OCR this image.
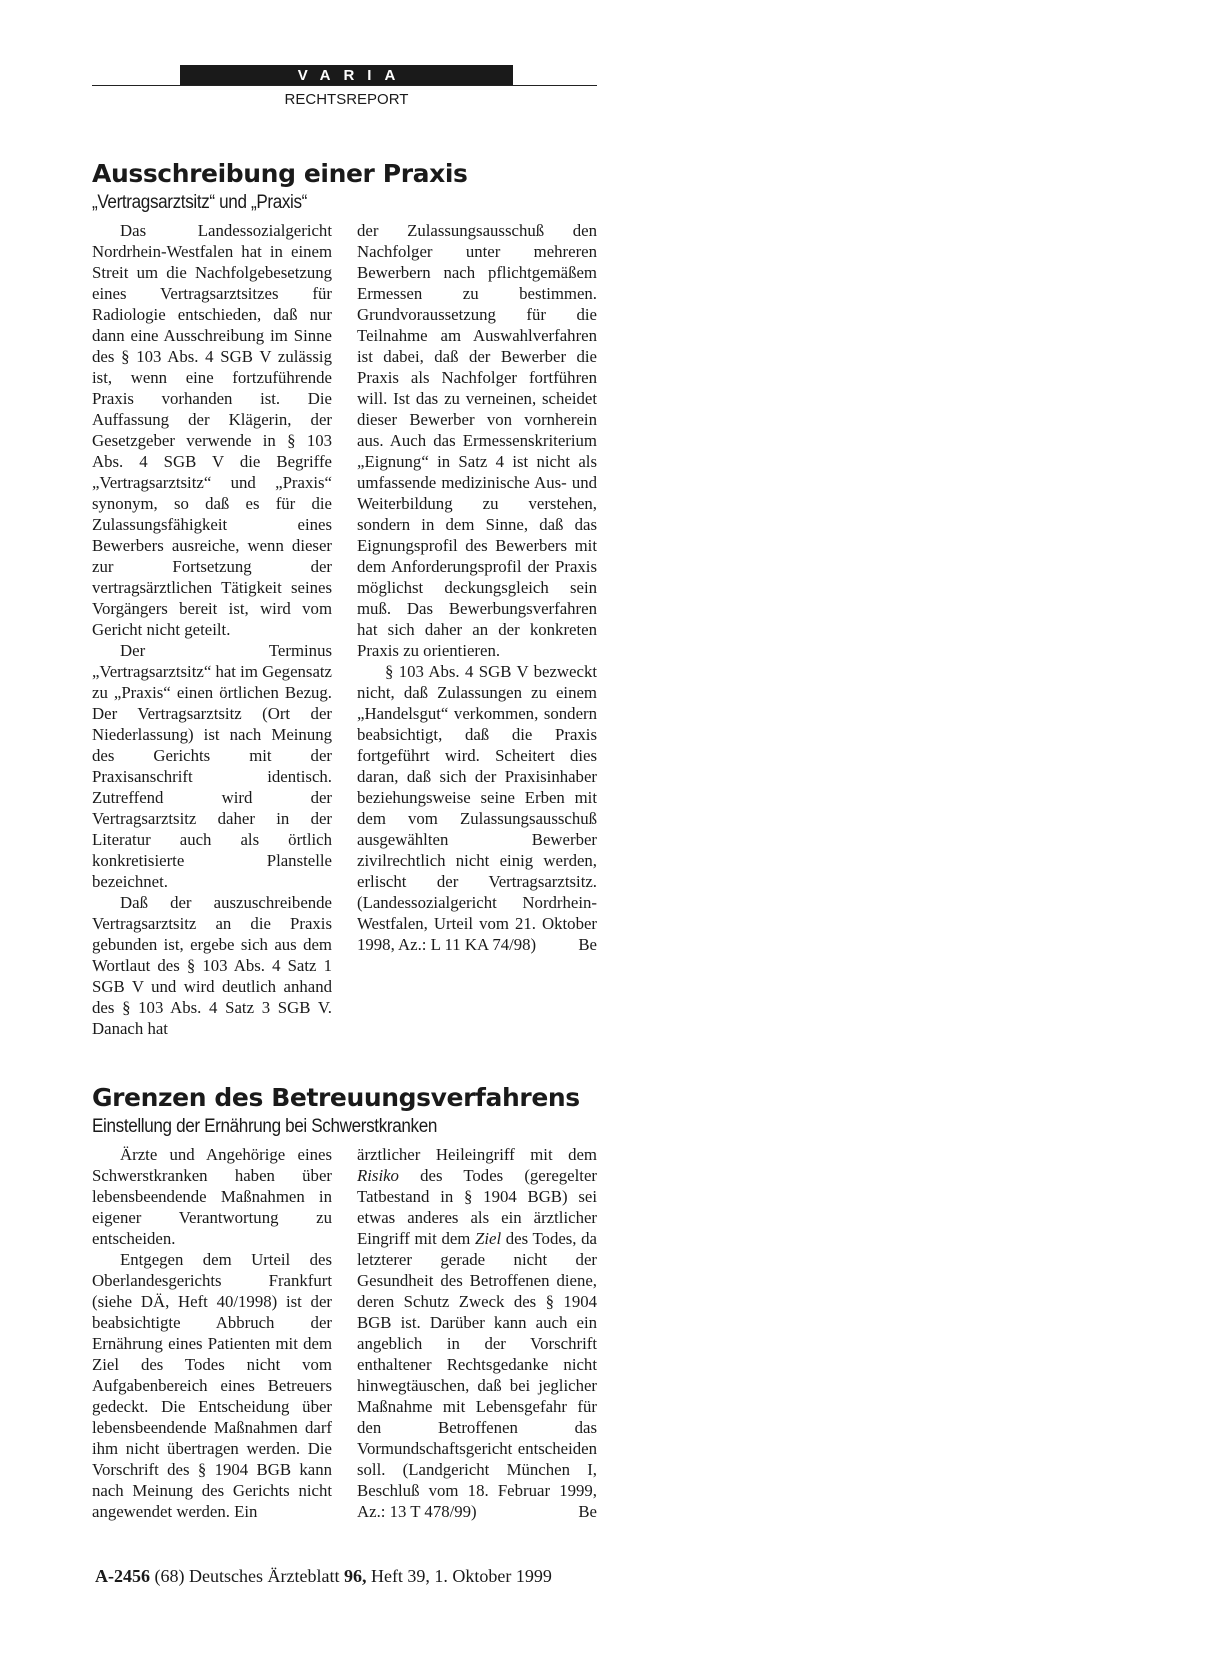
VARIA
RECHTSREPORT
Ausschreibung einer Praxis
„Vertragsarztsitz“ und „Praxis“

Das Landessozialgericht Nordrhein-Westfalen hat in einem Streit um die Nachfolgebesetzung eines Vertragsarztsitzes für Radiologie entschieden, daß nur dann eine Ausschreibung im Sinne des § 103 Abs. 4 SGB V zulässig ist, wenn eine fortzuführende Praxis vorhanden ist. Die Auffassung der Klägerin, der Gesetzgeber verwende in § 103 Abs. 4 SGB V die Begriffe „Vertragsarztsitz“ und „Praxis“ synonym, so daß es für die Zulassungsfähigkeit eines Bewerbers ausreiche, wenn dieser zur Fortsetzung der vertragsärztlichen Tätigkeit seines Vorgängers bereit ist, wird vom Gericht nicht geteilt.

Der Terminus „Vertragsarztsitz“ hat im Gegensatz zu „Praxis“ einen örtlichen Bezug. Der Vertragsarztsitz (Ort der Niederlassung) ist nach Meinung des Gerichts mit der Praxisanschrift identisch. Zutreffend wird der Vertragsarztsitz daher in der Literatur auch als örtlich konkretisierte Planstelle bezeichnet.

Daß der auszuschreibende Vertragsarztsitz an die Praxis gebunden ist, ergebe sich aus dem Wortlaut des § 103 Abs. 4 Satz 1 SGB V und wird deutlich anhand des § 103 Abs. 4 Satz 3 SGB V. Danach hat

der Zulassungsausschuß den Nachfolger unter mehreren Bewerbern nach pflichtgemäßem Ermessen zu bestimmen. Grundvoraussetzung für die Teilnahme am Auswahlverfahren ist dabei, daß der Bewerber die Praxis als Nachfolger fortführen will. Ist das zu verneinen, scheidet dieser Bewerber von vornherein aus. Auch das Ermessenskriterium „Eignung“ in Satz 4 ist nicht als umfassende medizinische Aus- und Weiterbildung zu verstehen, sondern in dem Sinne, daß das Eignungsprofil des Bewerbers mit dem Anforderungsprofil der Praxis möglichst deckungsgleich sein muß. Das Bewerbungsverfahren hat sich daher an der konkreten Praxis zu orientieren.

§ 103 Abs. 4 SGB V bezweckt nicht, daß Zulassungen zu einem „Handelsgut“ verkommen, sondern beabsichtigt, daß die Praxis fortgeführt wird. Scheitert dies daran, daß sich der Praxisinhaber beziehungsweise seine Erben mit dem vom Zulassungsausschuß ausgewählten Bewerber zivilrechtlich nicht einig werden, erlischt der Vertragsarztsitz. (Landessozialgericht Nordrhein-Westfalen, Urteil vom 21. Oktober 1998, Az.: L 11 KA 74/98)	Be

Grenzen des Betreuungsverfahrens
Einstellung der Ernährung bei Schwerstkranken

Ärzte und Angehörige eines Schwerstkranken haben über lebensbeendende Maßnahmen in eigener Verantwortung zu entscheiden.

Entgegen dem Urteil des Oberlandesgerichts Frankfurt (siehe DÄ, Heft 40/1998) ist der beabsichtigte Abbruch der Ernährung eines Patienten mit dem Ziel des Todes nicht vom Aufgabenbereich eines Betreuers gedeckt. Die Entscheidung über lebensbeendende Maßnahmen darf ihm nicht übertragen werden. Die Vorschrift des § 1904 BGB kann nach Meinung des Gerichts nicht angewendet werden. Ein

ärztlicher Heileingriff mit dem Risiko des Todes (geregelter Tatbestand in § 1904 BGB) sei etwas anderes als ein ärztlicher Eingriff mit dem Ziel des Todes, da letzterer gerade nicht der Gesundheit des Betroffenen diene, deren Schutz Zweck des § 1904 BGB ist. Darüber kann auch ein angeblich in der Vorschrift enthaltener Rechtsgedanke nicht hinwegtäuschen, daß bei jeglicher Maßnahme mit Lebensgefahr für den Betroffenen das Vormundschaftsgericht entscheiden soll. (Landgericht München I, Beschluß vom 18. Februar 1999, Az.: 13 T 478/99)	Be

A-2456 (68) Deutsches Ärzteblatt 96, Heft 39, 1. Oktober 1999
